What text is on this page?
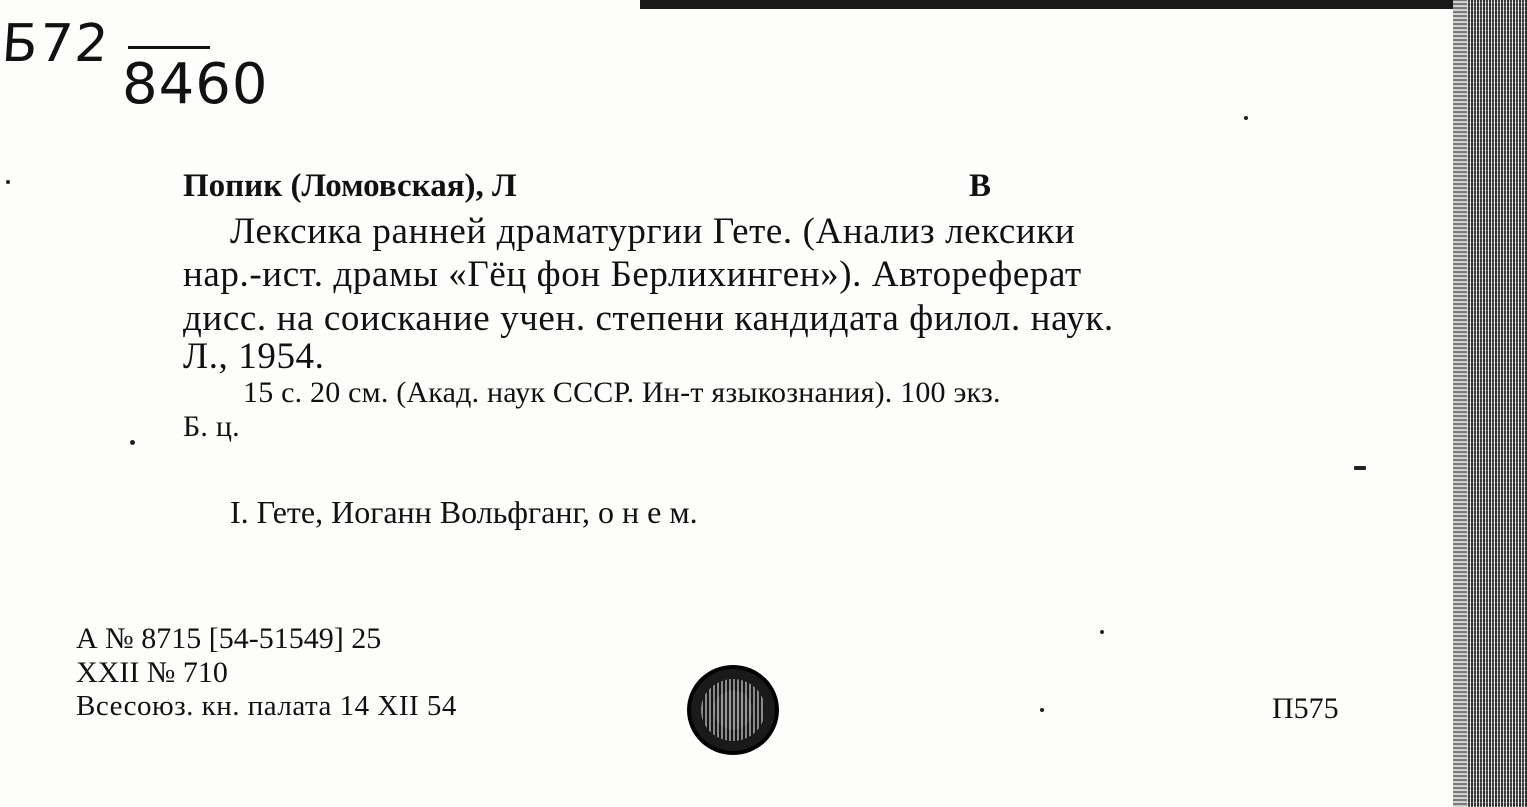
Б72
8460
Попик (Ломовская), Л	В
Лексика ранней драматургии Гете. (Анализ лексики
нар.-ист. драмы «Гёц фон Берлихинген»). Автореферат
дисс. на соискание учен. степени кандидата филол. наук.
Л., 1954.
15 с. 20 см. (Акад. наук СССР. Ин-т языкознания). 100 экз.
Б. ц.
I. Гете, Иоганн Вольфганг, о н е м.
А № 8715 [54-51549] 25
XXII № 710
Всесоюз. кн. палата 14 XII 54	П575
